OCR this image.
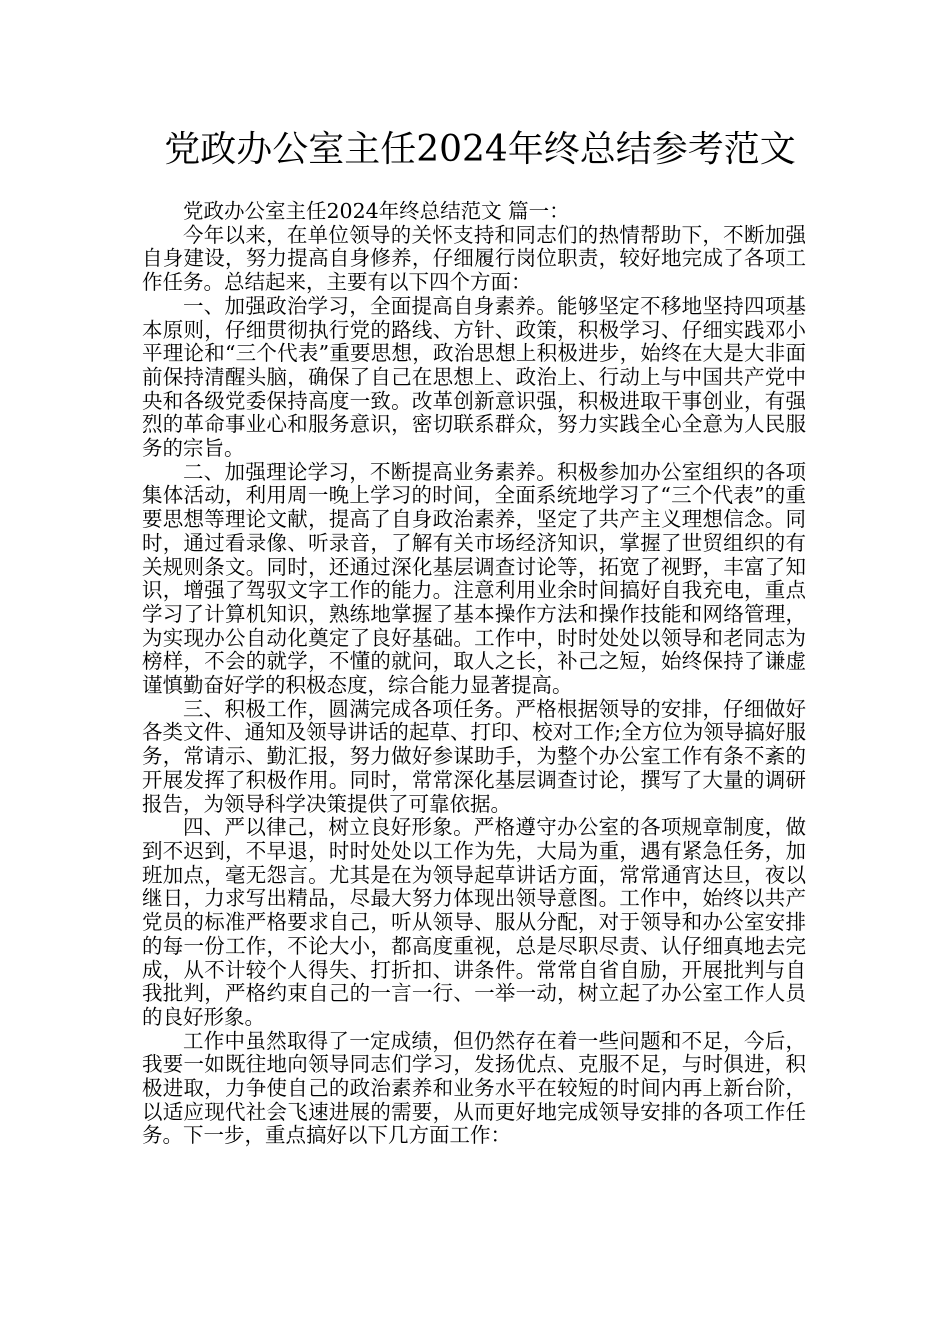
党政办公室主任2024年终总结参考范文

党政办公室主任2024年终总结范文 篇一：

今年以来，在单位领导的关怀支持和同志们的热情帮助下，不断加强自身建设，努力提高自身修养，仔细履行岗位职责，较好地完成了各项工作任务。总结起来，主要有以下四个方面：

一、加强政治学习，全面提高自身素养。能够坚定不移地坚持四项基本原则，仔细贯彻执行党的路线、方针、政策，积极学习、仔细实践邓小平理论和“三个代表”重要思想，政治思想上积极进步，始终在大是大非面前保持清醒头脑，确保了自己在思想上、政治上、行动上与中国共产党中央和各级党委保持高度一致。改革创新意识强，积极进取干事创业，有强烈的革命事业心和服务意识，密切联系群众，努力实践全心全意为人民服务的宗旨。

二、加强理论学习，不断提高业务素养。积极参加办公室组织的各项集体活动，利用周一晚上学习的时间，全面系统地学习了“三个代表”的重要思想等理论文献，提高了自身政治素养，坚定了共产主义理想信念。同时，通过看录像、听录音，了解有关市场经济知识，掌握了世贸组织的有关规则条文。同时，还通过深化基层调查讨论等，拓宽了视野，丰富了知识，增强了驾驭文字工作的能力。注意利用业余时间搞好自我充电，重点学习了计算机知识，熟练地掌握了基本操作方法和操作技能和网络管理，为实现办公自动化奠定了良好基础。工作中，时时处处以领导和老同志为榜样，不会的就学，不懂的就问，取人之长，补己之短，始终保持了谦虚谨慎勤奋好学的积极态度，综合能力显著提高。

三、积极工作，圆满完成各项任务。严格根据领导的安排，仔细做好各类文件、通知及领导讲话的起草、打印、校对工作;全方位为领导搞好服务，常请示、勤汇报，努力做好参谋助手，为整个办公室工作有条不紊的开展发挥了积极作用。同时，常常深化基层调查讨论，撰写了大量的调研报告，为领导科学决策提供了可靠依据。

四、严以律己，树立良好形象。严格遵守办公室的各项规章制度，做到不迟到，不早退，时时处处以工作为先，大局为重，遇有紧急任务，加班加点，毫无怨言。尤其是在为领导起草讲话方面，常常通宵达旦，夜以继日，力求写出精品，尽最大努力体现出领导意图。工作中，始终以共产党员的标准严格要求自己，听从领导、服从分配，对于领导和办公室安排的每一份工作，不论大小，都高度重视，总是尽职尽责、认仔细真地去完成，从不计较个人得失、打折扣、讲条件。常常自省自励，开展批判与自我批判，严格约束自己的一言一行、一举一动，树立起了办公室工作人员的良好形象。

工作中虽然取得了一定成绩，但仍然存在着一些问题和不足，今后，我要一如既往地向领导同志们学习，发扬优点、克服不足，与时俱进，积极进取，力争使自己的政治素养和业务水平在较短的时间内再上新台阶，以适应现代社会飞速进展的需要，从而更好地完成领导安排的各项工作任务。下一步，重点搞好以下几方面工作：
